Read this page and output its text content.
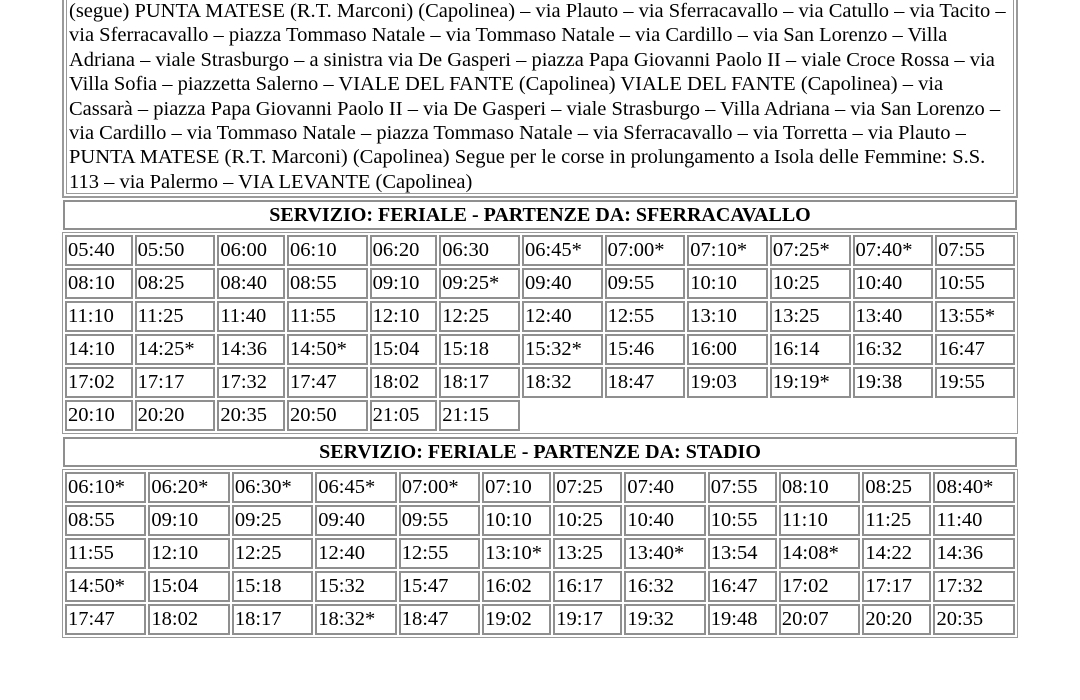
(segue) PUNTA MATESE (R.T. Marconi) (Capolinea) – via Plauto – via Sferracavallo – via Catullo – via Tacito – via Sferracavallo – piazza Tommaso Natale – via Tommaso Natale – via Cardillo – via San Lorenzo – Villa Adriana – viale Strasburgo – a sinistra via De Gasperi – piazza Papa Giovanni Paolo II – viale Croce Rossa – via Villa Sofia – piazzetta Salerno – VIALE DEL FANTE (Capolinea) VIALE DEL FANTE (Capolinea) – via Cassarà – piazza Papa Giovanni Paolo II – via De Gasperi – viale Strasburgo – Villa Adriana – via San Lorenzo – via Cardillo – via Tommaso Natale – piazza Tommaso Natale – via Sferracavallo – via Torretta – via Plauto – PUNTA MATESE (R.T. Marconi) (Capolinea) Segue per le corse in prolungamento a Isola delle Femmine: S.S. 113 – via Palermo – VIA LEVANTE (Capolinea)
SERVIZIO: FERIALE - PARTENZE DA: SFERRACAVALLO
05:40	05:50	06:00	06:10	06:20	06:30	06:45*	07:00*	07:10*	07:25*	07:40*	07:55
08:10	08:25	08:40	08:55	09:10	09:25*	09:40	09:55	10:10	10:25	10:40	10:55
11:10	11:25	11:40	11:55	12:10	12:25	12:40	12:55	13:10	13:25	13:40	13:55*
14:10	14:25*	14:36	14:50*	15:04	15:18	15:32*	15:46	16:00	16:14	16:32	16:47
17:02	17:17	17:32	17:47	18:02	18:17	18:32	18:47	19:03	19:19*	19:38	19:55
20:10	20:20	20:35	20:50	21:05	21:15						
SERVIZIO: FERIALE - PARTENZE DA: STADIO
06:10*	06:20*	06:30*	06:45*	07:00*	07:10	07:25	07:40	07:55	08:10	08:25	08:40*
08:55	09:10	09:25	09:40	09:55	10:10	10:25	10:40	10:55	11:10	11:25	11:40
11:55	12:10	12:25	12:40	12:55	13:10*	13:25	13:40*	13:54	14:08*	14:22	14:36
14:50*	15:04	15:18	15:32	15:47	16:02	16:17	16:32	16:47	17:02	17:17	17:32
17:47	18:02	18:17	18:32*	18:47	19:02	19:17	19:32	19:48	20:07	20:20	20:35
